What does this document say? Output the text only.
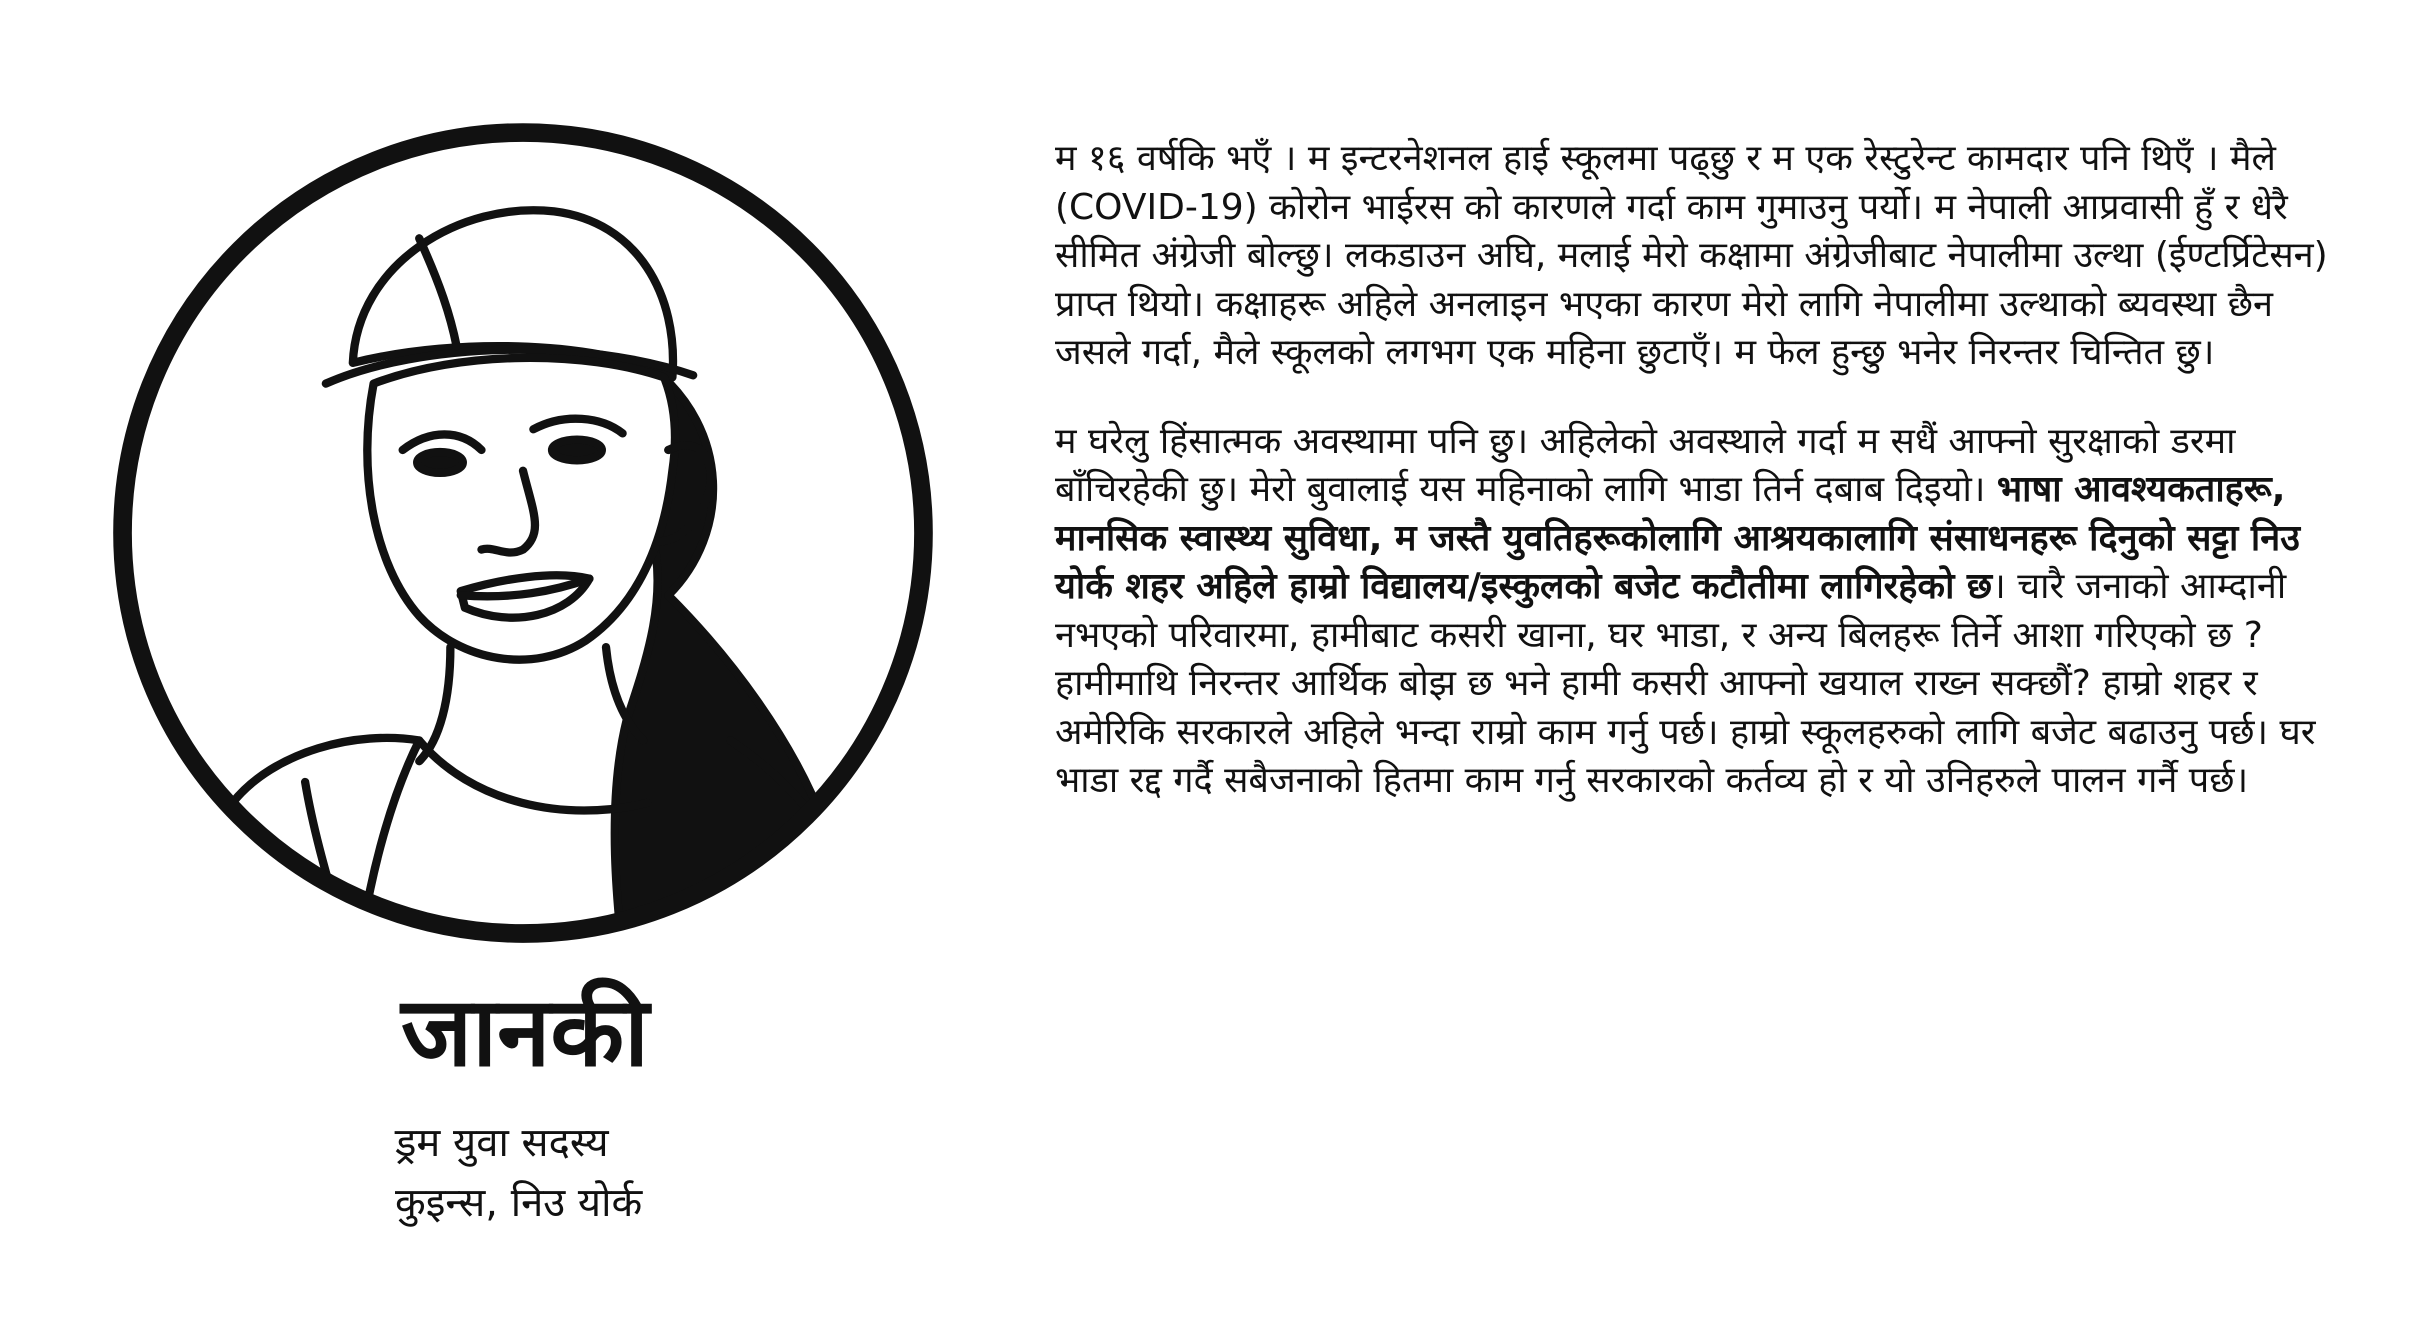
जानकी
ड्रम युवा सदस्य
कुइन्स, निउ योर्क

म १६ वर्षकि भएँ । म इन्टरनेशनल हाई स्कूलमा पढ्छु र म एक रेस्टुरेन्ट कामदार पनि थिएँ । मैले (COVID-19) कोरोन भाईरस को कारणले गर्दा काम गुमाउनु पर्यो। म नेपाली आप्रवासी हुँ र धेरै सीमित अंग्रेजी बोल्छु। लकडाउन अघि, मलाई मेरो कक्षामा अंग्रेजीबाट नेपालीमा उल्था (ईण्टर्प्रिटेसन) प्राप्त थियो। कक्षाहरू अहिले अनलाइन भएका कारण मेरो लागि नेपालीमा उल्थाको ब्यवस्था छैन जसले गर्दा, मैले स्कूलको लगभग एक महिना छुटाएँ। म फेल हुन्छु भनेर निरन्तर चिन्तित छु।

म घरेलु हिंसात्मक अवस्थामा पनि छु। अहिलेको अवस्थाले गर्दा म सधैं आफ्नो सुरक्षाको डरमा बाँचिरहेकी छु। मेरो बुवालाई यस महिनाको लागि भाडा तिर्न दबाब दिइयो। भाषा आवश्यकताहरू, मानसिक स्वास्थ्य सुविधा, म जस्तै युवतिहरूकोलागि आश्रयकालागि संसाधनहरू दिनुको सट्टा निउ योर्क शहर अहिले हाम्रो विद्यालय/इस्कुलको बजेट कटौतीमा लागिरहेको छ। चारै जनाको आम्दानी नभएको परिवारमा, हामीबाट कसरी खाना, घर भाडा, र अन्य बिलहरू तिर्ने आशा गरिएको छ ? हामीमाथि निरन्तर आर्थिक बोझ छ भने हामी कसरी आफ्नो खयाल राख्न सक्छौं? हाम्रो शहर र अमेरिकि सरकारले अहिले भन्दा राम्रो काम गर्नु पर्छ। हाम्रो स्कूलहरुको लागि बजेट बढाउनु पर्छ। घर भाडा रद्द गर्दै सबैजनाको हितमा काम गर्नु सरकारको कर्तव्य हो र यो उनिहरुले पालन गर्नै पर्छ।
